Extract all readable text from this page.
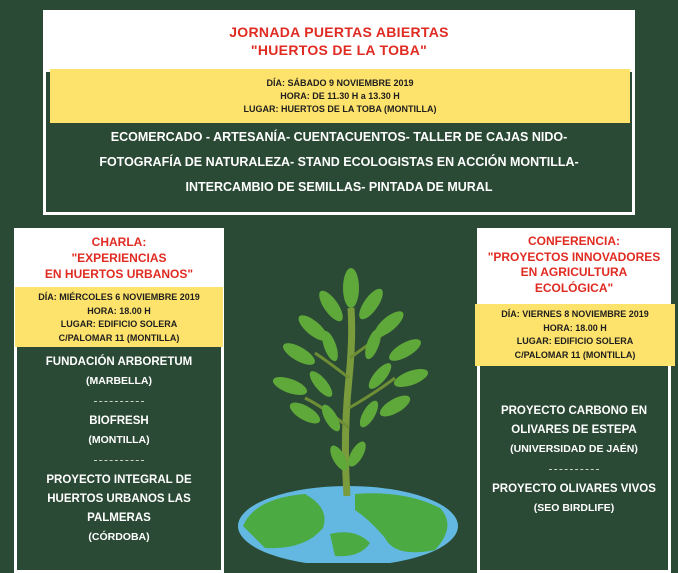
JORNADA PUERTAS ABIERTAS
"HUERTOS DE LA TOBA"
DÍA: SÁBADO 9 NOVIEMBRE 2019
HORA: DE 11.30 H a 13.30 H
LUGAR: HUERTOS DE LA TOBA (MONTILLA)
ECOMERCADO - ARTESANÍA- CUENTACUENTOS- TALLER DE CAJAS NIDO-
FOTOGRAFÍA DE NATURALEZA- STAND ECOLOGISTAS EN ACCIÓN MONTILLA-
INTERCAMBIO DE SEMILLAS- PINTADA DE MURAL
CHARLA:
"EXPERIENCIAS
EN HUERTOS URBANOS"
DÍA: MIÉRCOLES 6 NOVIEMBRE 2019
HORA: 18.00 H
LUGAR: EDIFICIO SOLERA
C/PALOMAR 11 (MONTILLA)
FUNDACIÓN ARBORETUM
(MARBELLA)
BIOFRESH
(MONTILLA)
PROYECTO INTEGRAL DE HUERTOS URBANOS LAS PALMERAS
(CÓRDOBA)
CONFERENCIA:
"PROYECTOS INNOVADORES
EN AGRICULTURA
ECOLÓGICA"
DÍA: VIERNES 8 NOVIEMBRE 2019
HORA: 18.00 H
LUGAR: EDIFICIO SOLERA
C/PALOMAR 11 (MONTILLA)
PROYECTO CARBONO EN OLIVARES DE ESTEPA
(UNIVERSIDAD DE JAÉN)
PROYECTO OLIVARES VIVOS
(SEO BIRDLIFE)
